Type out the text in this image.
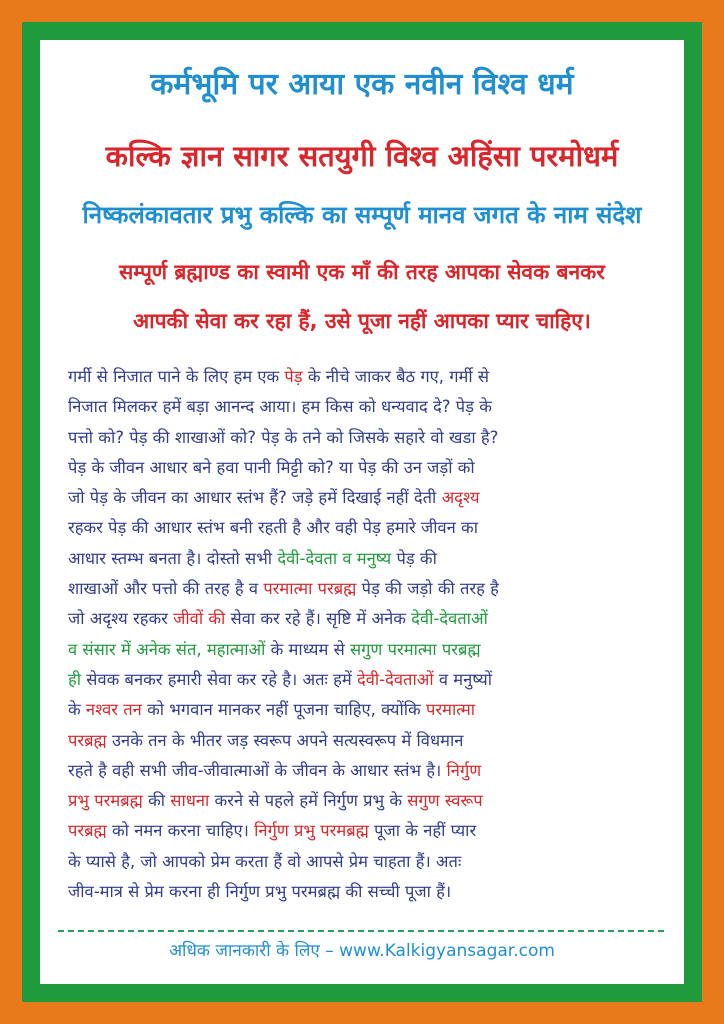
कर्मभूमि पर आया एक नवीन विश्व धर्म
कल्कि ज्ञान सागर सतयुगी विश्व अहिंसा परमोधर्म
निष्कलंकावतार प्रभु कल्कि का सम्पूर्ण मानव जगत के नाम संदेश
सम्पूर्ण ब्रह्माण्ड का स्वामी एक माँ की तरह आपका सेवक बनकर
आपकी सेवा कर रहा हैं, उसे पूजा नहीं आपका प्यार चाहिए।
गर्मी से निजात पाने के लिए हम एक पेड़ के नीचे जाकर बैठ गए, गर्मी से
निजात मिलकर हमें बड़ा आनन्द आया। हम किस को धन्यवाद दे? पेड़ के
पत्तो को? पेड़ की शाखाओं को? पेड़ के तने को जिसके सहारे वो खडा है?
पेड़ के जीवन आधार बने हवा पानी मिट्टी को? या पेड़ की उन जड़ों को
जो पेड़ के जीवन का आधार स्तंभ हैं? जड़े हमें दिखाई नहीं देती अदृश्य
रहकर पेड़ की आधार स्तंभ बनी रहती है और वही पेड़ हमारे जीवन का
आधार स्तम्भ बनता है। दोस्तो सभी देवी-देवता व मनुष्य पेड़ की
शाखाओं और पत्तो की तरह है व परमात्मा परब्रह्म पेड़ की जड़ो की तरह है
जो अदृश्य रहकर जीवों की सेवा कर रहे हैं। सृष्टि में अनेक देवी-देवताओं
व संसार में अनेक संत, महात्माओं के माध्यम से सगुण परमात्मा परब्रह्म
ही सेवक बनकर हमारी सेवा कर रहे है। अतः हमें देवी-देवताओं व मनुष्यों
के नश्वर तन को भगवान मानकर नहीं पूजना चाहिए, क्योंकि परमात्मा
परब्रह्म उनके तन के भीतर जड़ स्वरूप अपने सत्यस्वरूप में विधमान
रहते है वही सभी जीव-जीवात्माओं के जीवन के आधार स्तंभ है। निर्गुण
प्रभु परमब्रह्म की साधना करने से पहले हमें निर्गुण प्रभु के सगुण स्वरूप
परब्रह्म को नमन करना चाहिए। निर्गुण प्रभु परमब्रह्म पूजा के नहीं प्यार
के प्यासे है, जो आपको प्रेम करता हैं वो आपसे प्रेम चाहता हैं। अतः
जीव-मात्र से प्रेम करना ही निर्गुण प्रभु परमब्रह्म की सच्ची पूजा हैं।
अधिक जानकारी के लिए – www.Kalkigyansagar.com
